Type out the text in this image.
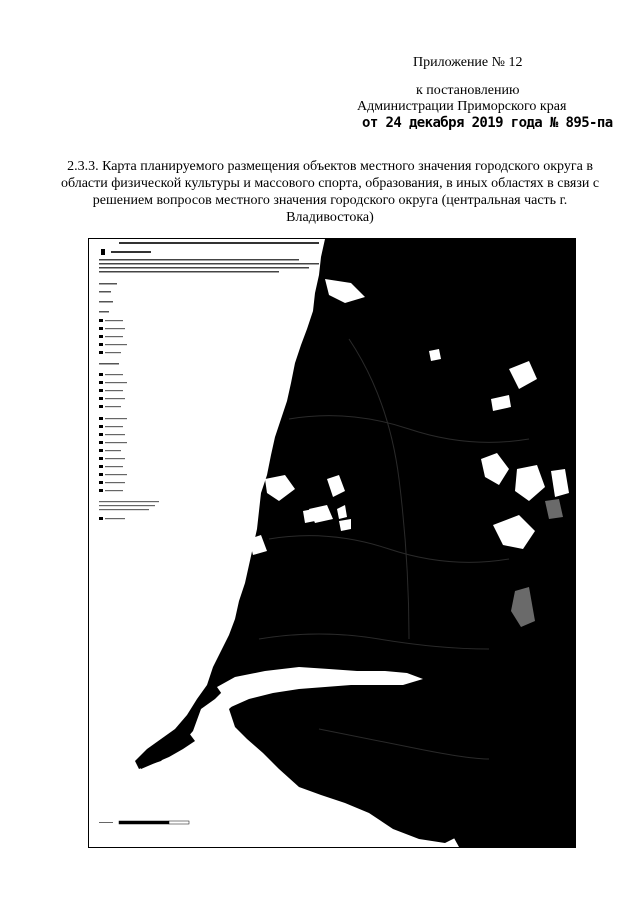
Приложение № 12
к постановлению
Администрации Приморского края
от 24 декабря 2019 года № 895-па
2.3.3. Карта планируемого размещения объектов местного значения городского округа в области физической культуры и массового спорта, образования, в иных областях в связи с решением вопросов местного значения городского округа (центральная часть г. Владивостока)
